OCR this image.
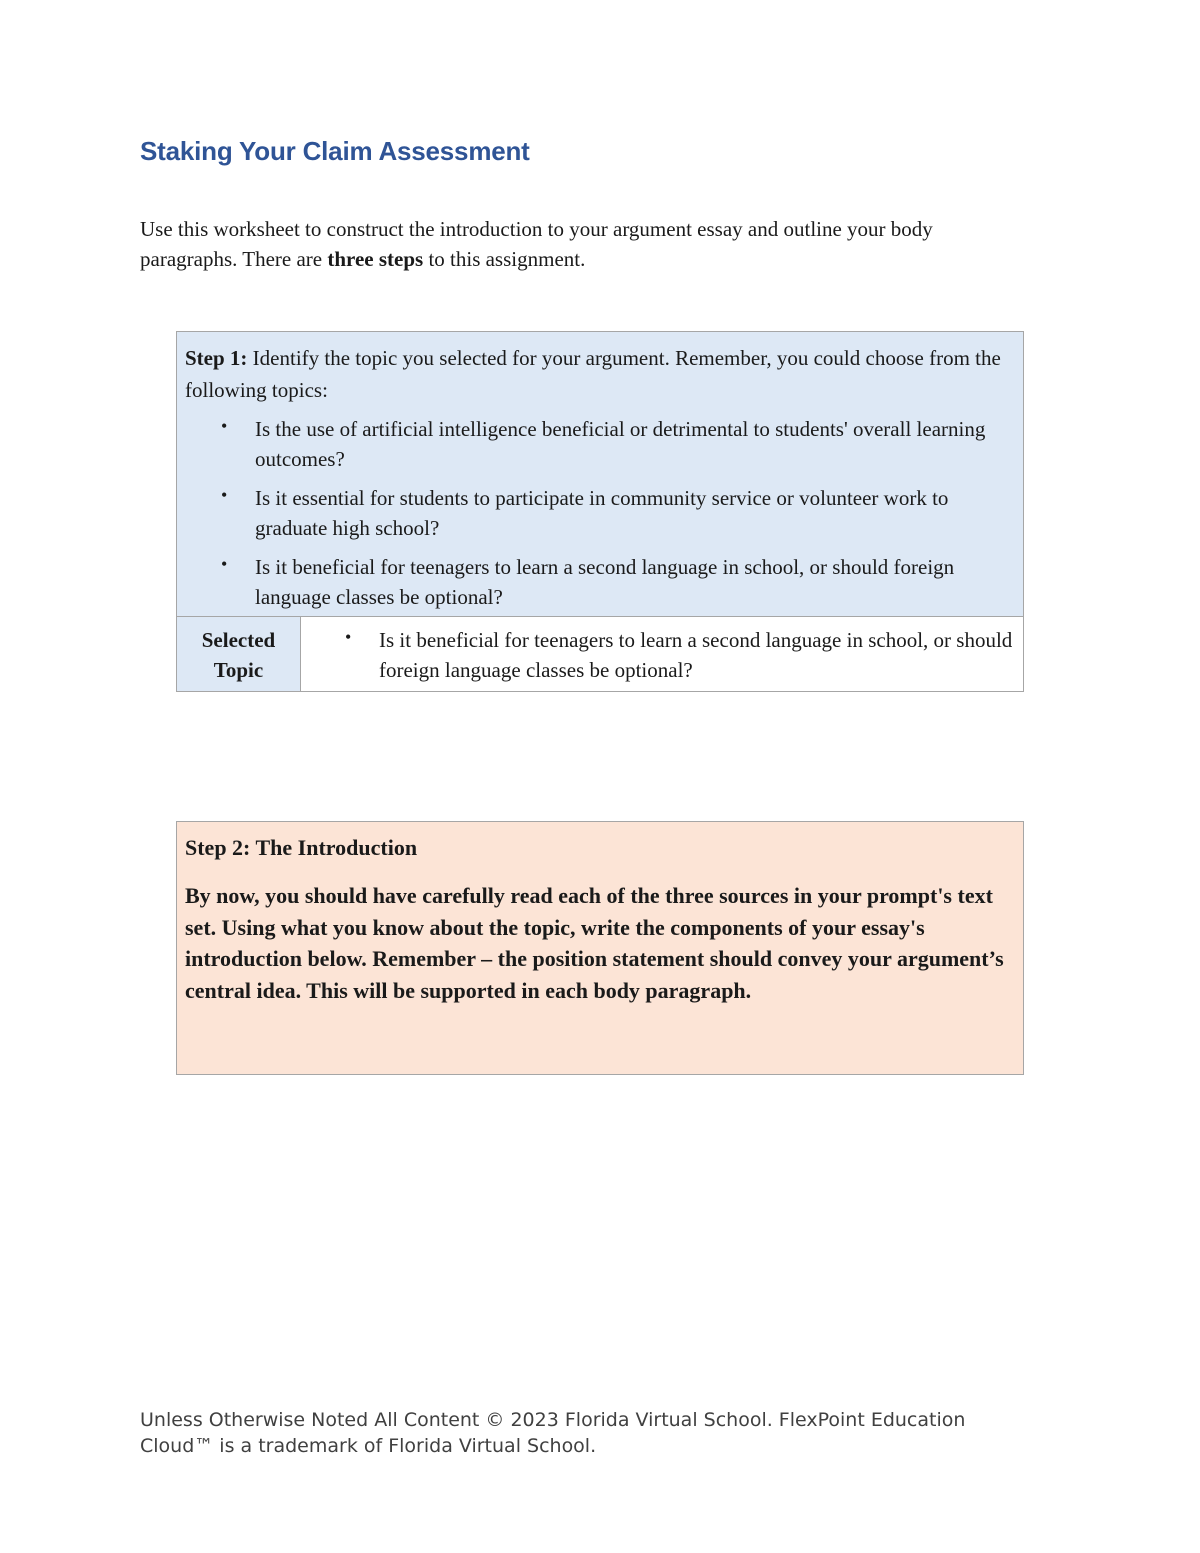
Staking Your Claim Assessment

Use this worksheet to construct the introduction to your argument essay and outline your body paragraphs. There are three steps to this assignment.

Step 1: Identify the topic you selected for your argument. Remember, you could choose from the following topics:
• Is the use of artificial intelligence beneficial or detrimental to students' overall learning outcomes?
• Is it essential for students to participate in community service or volunteer work to graduate high school?
• Is it beneficial for teenagers to learn a second language in school, or should foreign language classes be optional?
Selected Topic
• Is it beneficial for teenagers to learn a second language in school, or should foreign language classes be optional?

Step 2: The Introduction

By now, you should have carefully read each of the three sources in your prompt's text set. Using what you know about the topic, write the components of your essay's introduction below. Remember – the position statement should convey your argument’s central idea. This will be supported in each body paragraph.

Unless Otherwise Noted All Content © 2023 Florida Virtual School. FlexPoint Education Cloud™ is a trademark of Florida Virtual School.
